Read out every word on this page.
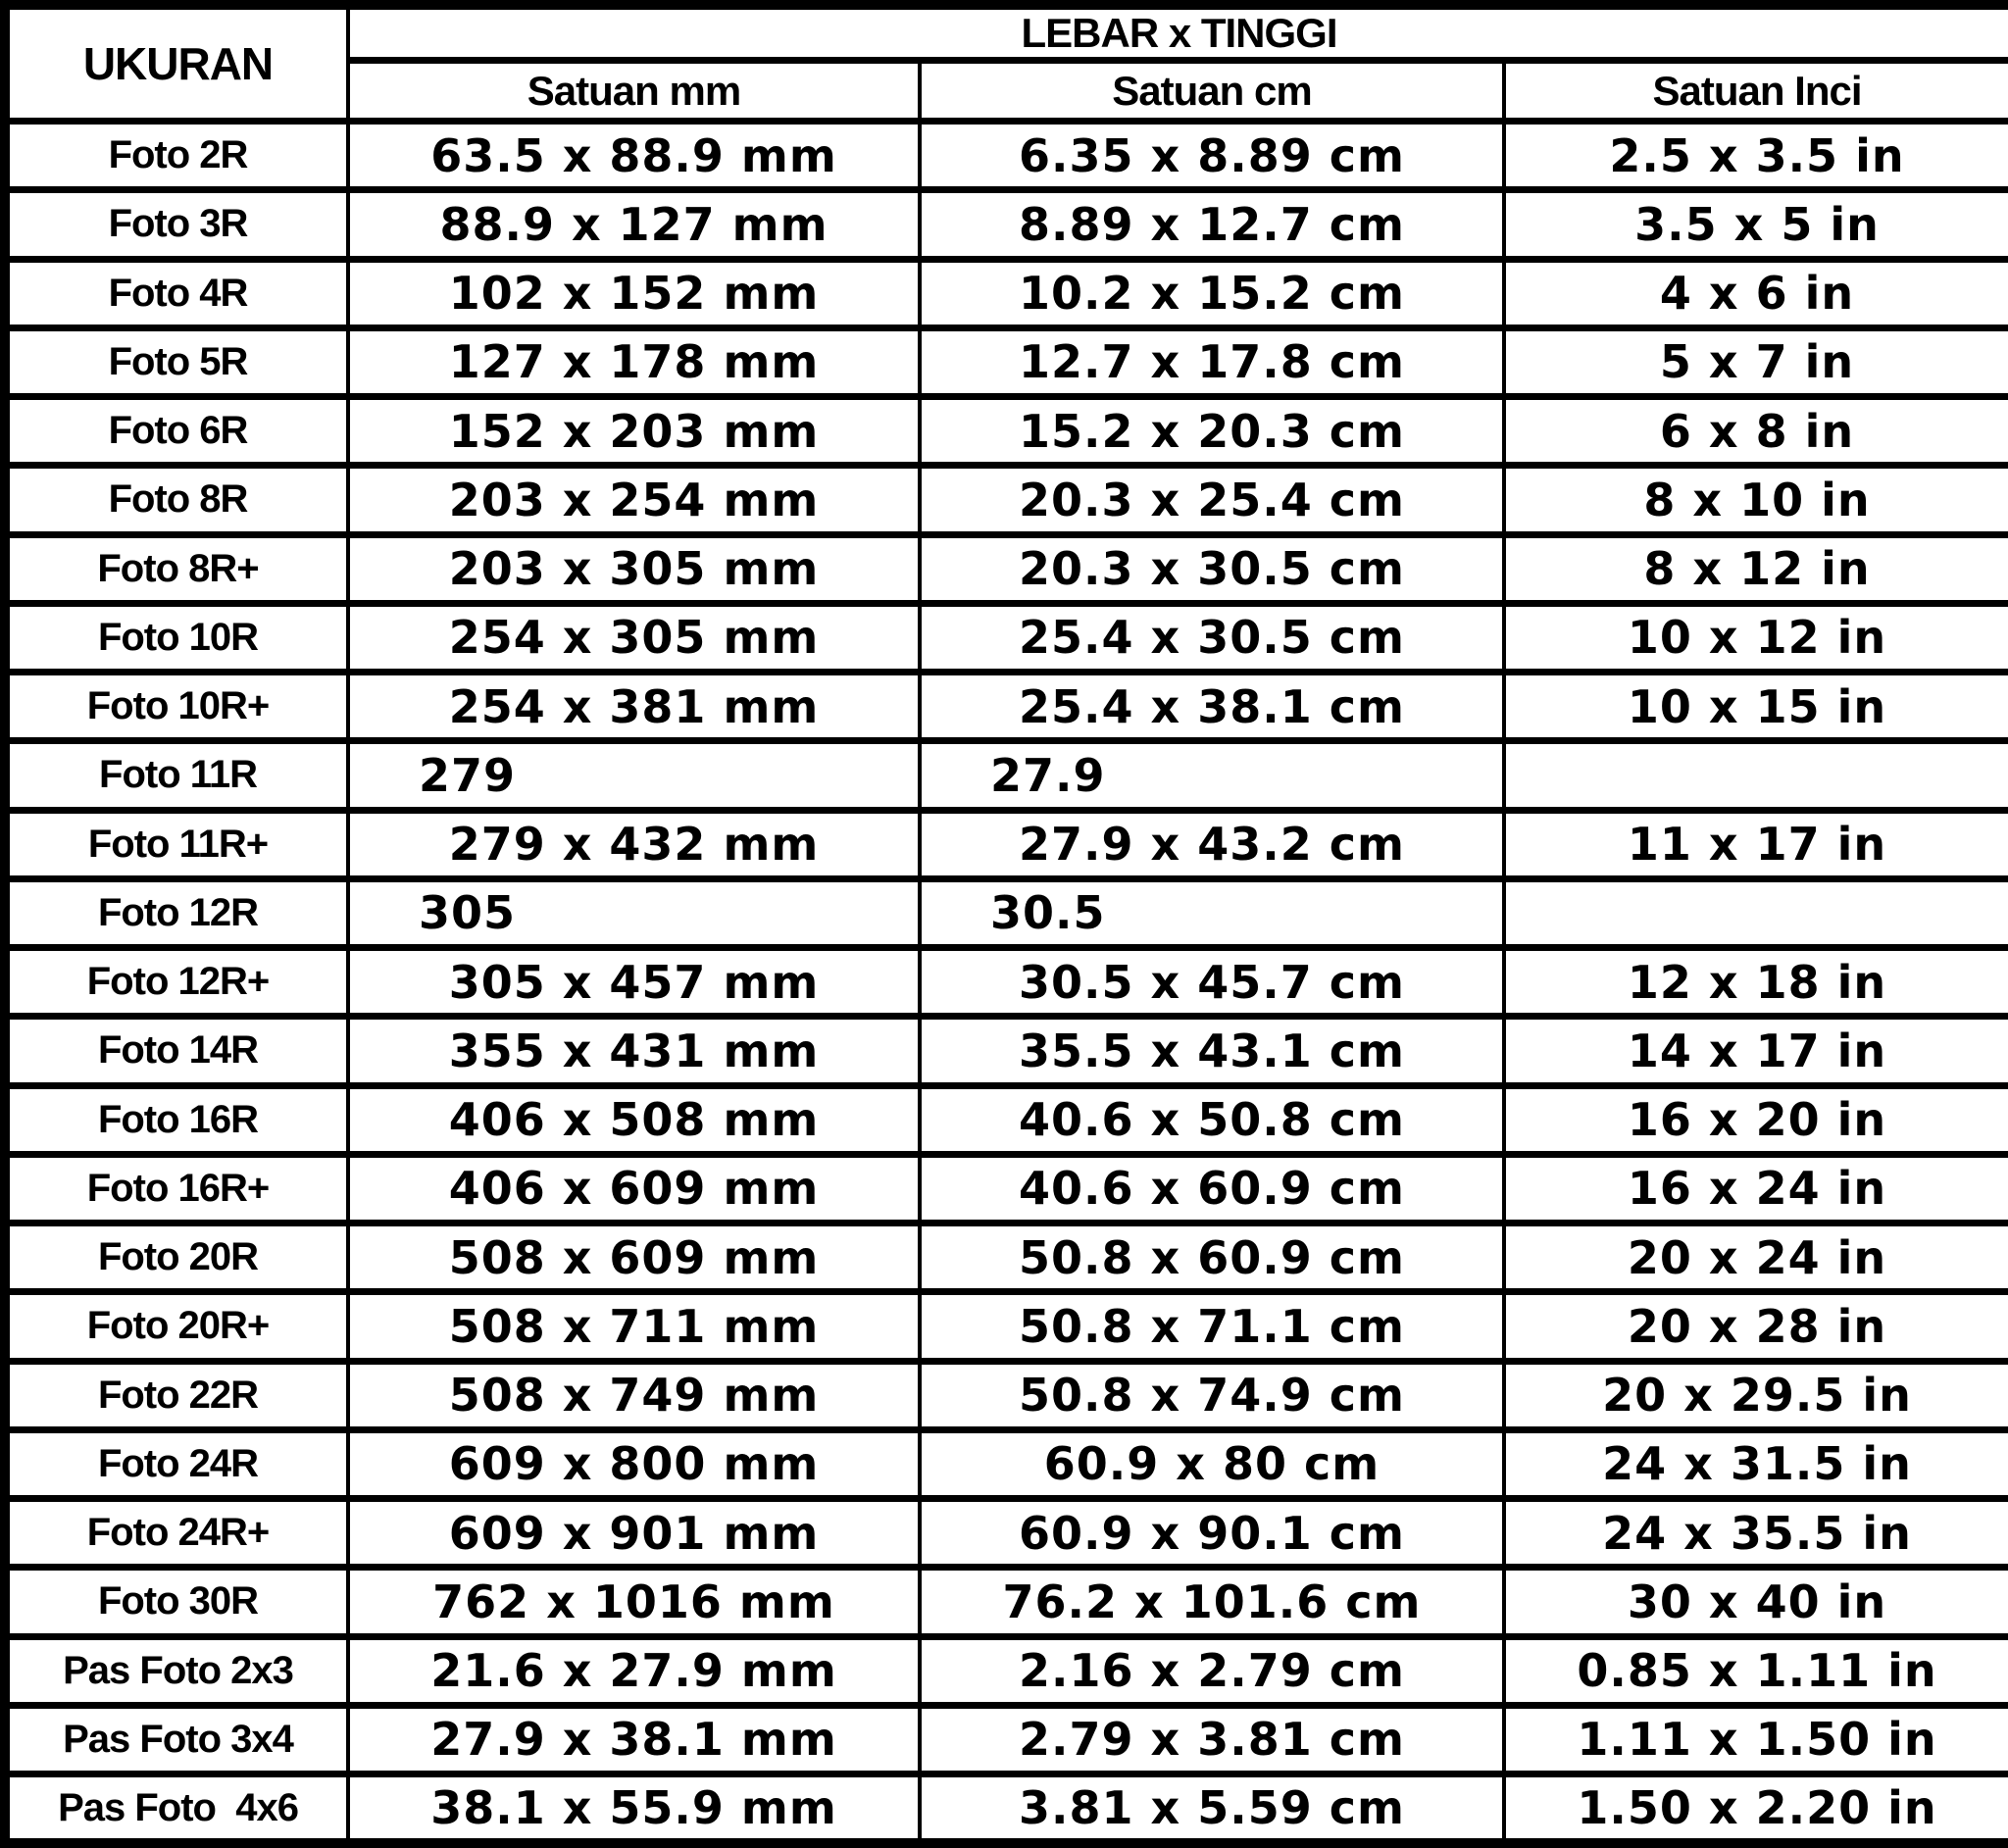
UKURAN	LEBAR x TINGGI		
	Satuan mm	Satuan cm	Satuan Inci
Foto 2R	63.5 x 88.9 mm	6.35 x 8.89 cm	2.5 x 3.5 in
Foto 3R	88.9 x 127 mm	8.89 x 12.7 cm	3.5 x 5 in
Foto 4R	102 x 152 mm	10.2 x 15.2 cm	4 x 6 in
Foto 5R	127 x 178 mm	12.7 x 17.8 cm	5 x 7 in
Foto 6R	152 x 203 mm	15.2 x 20.3 cm	6 x 8 in
Foto 8R	203 x 254 mm	20.3 x 25.4 cm	8 x 10 in
Foto 8R+	203 x 305 mm	20.3 x 30.5 cm	8 x 12 in
Foto 10R	254 x 305 mm	25.4 x 30.5 cm	10 x 12 in
Foto 10R+	254 x 381 mm	25.4 x 38.1 cm	10 x 15 in
Foto 11R	279	27.9	
Foto 11R+	279 x 432 mm	27.9 x 43.2 cm	11 x 17 in
Foto 12R	305	30.5	
Foto 12R+	305 x 457 mm	30.5 x 45.7 cm	12 x 18 in
Foto 14R	355 x 431 mm	35.5 x 43.1 cm	14 x 17 in
Foto 16R	406 x 508 mm	40.6 x 50.8 cm	16 x 20 in
Foto 16R+	406 x 609 mm	40.6 x 60.9 cm	16 x 24 in
Foto 20R	508 x 609 mm	50.8 x 60.9 cm	20 x 24 in
Foto 20R+	508 x 711 mm	50.8 x 71.1 cm	20 x 28 in
Foto 22R	508 x 749 mm	50.8 x 74.9 cm	20 x 29.5 in
Foto 24R	609 x 800 mm	60.9 x 80 cm	24 x 31.5 in
Foto 24R+	609 x 901 mm	60.9 x 90.1 cm	24 x 35.5 in
Foto 30R	762 x 1016 mm	76.2 x 101.6 cm	30 x 40 in
Pas Foto 2x3	21.6 x 27.9 mm	2.16 x 2.79 cm	0.85 x 1.11 in
Pas Foto 3x4	27.9 x 38.1 mm	2.79 x 3.81 cm	1.11 x 1.50 in
Pas Foto  4x6	38.1 x 55.9 mm	3.81 x 5.59 cm	1.50 x 2.20 in
